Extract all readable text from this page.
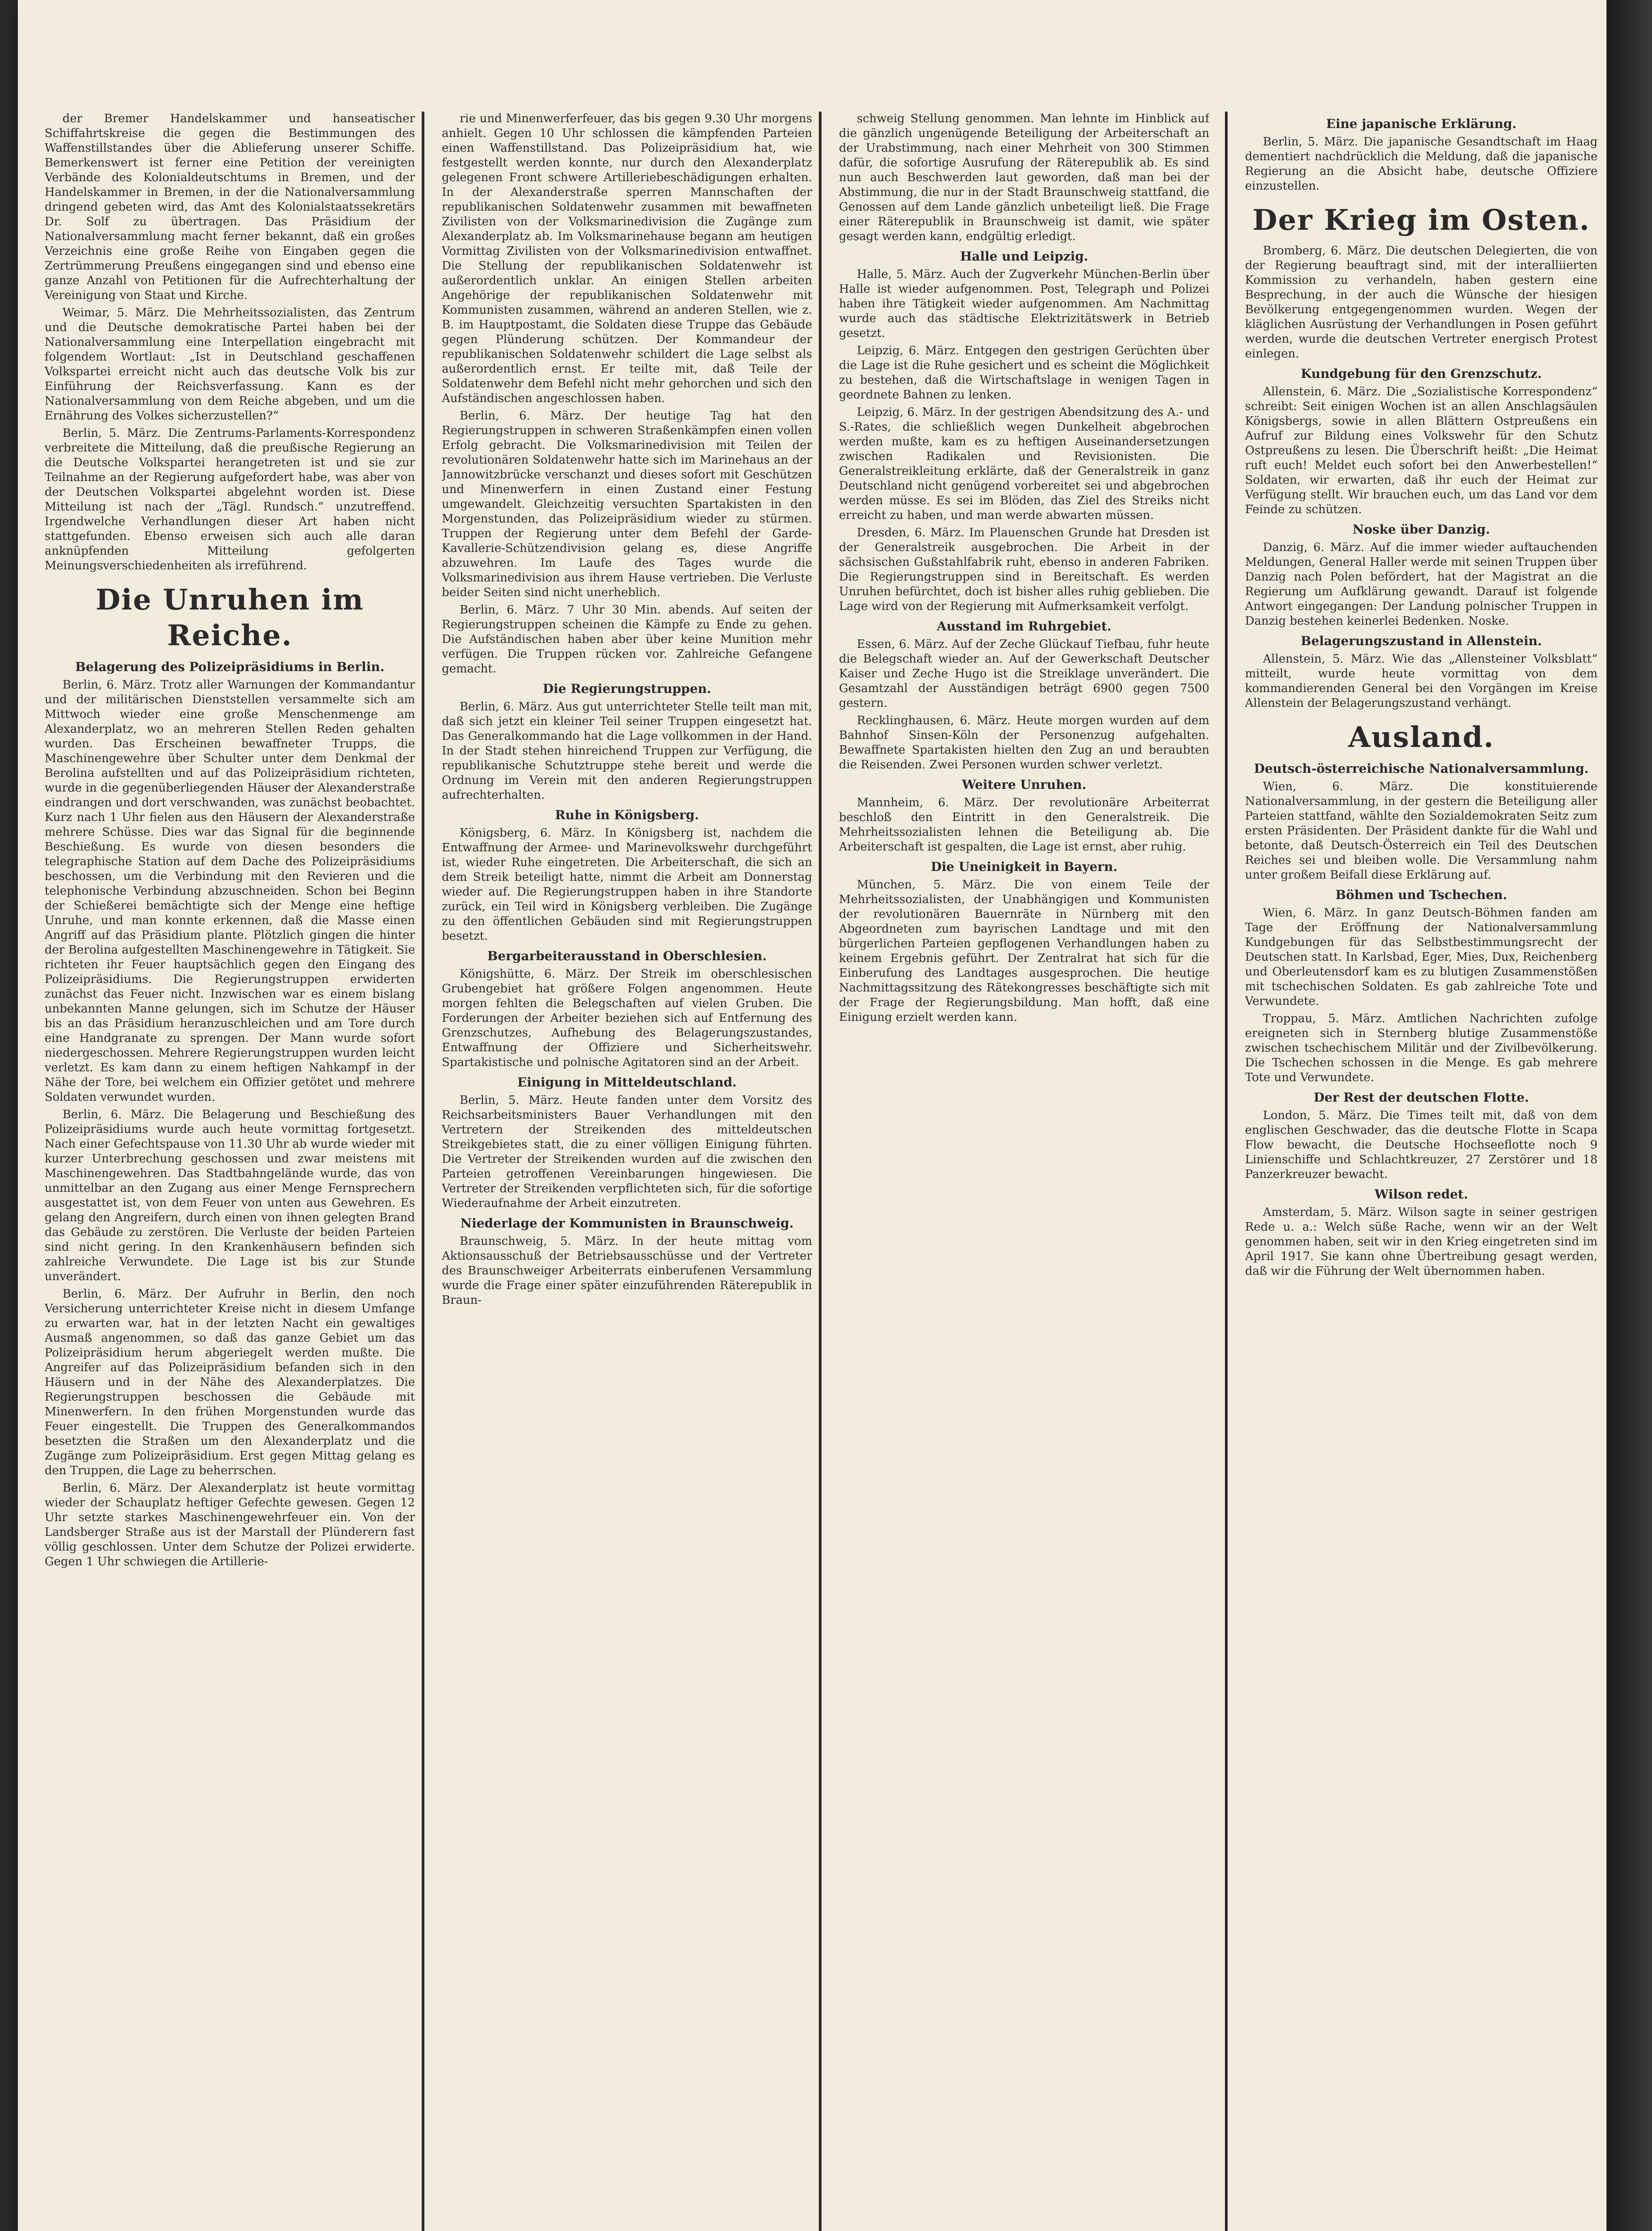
der Bremer Handelskammer und hanseatischer Schiffahrtskreise die gegen die Bestimmungen des Waffenstillstandes über die Ablieferung unserer Schiffe. Bemerkenswert ist ferner eine Petition der vereinigten Verbände des Kolonialdeutschtums in Bremen, und der Handelskammer in Bremen, in der die Nationalversammlung dringend gebeten wird, das Amt des Kolonialstaatssekretärs Dr. Solf zu übertragen. Das Präsidium der Nationalversammlung macht ferner bekannt, daß ein großes Verzeichnis eine große Reihe von Eingaben gegen die Zertrümmerung Preußens eingegangen sind und ebenso eine ganze Anzahl von Petitionen für die Aufrechterhaltung der Vereinigung von Staat und Kirche.

Weimar, 5. März. Die Mehrheitssozialisten, das Zentrum und die Deutsche demokratische Partei haben bei der Nationalversammlung eine Interpellation eingebracht mit folgendem Wortlaut: „Ist in Deutschland geschaffenen Volkspartei erreicht nicht auch das deutsche Volk bis zur Einführung der Reichsverfassung. Kann es der Nationalversammlung von dem Reiche abgeben, und um die Ernährung des Volkes sicherzustellen?“

Berlin, 5. März. Die Zentrums-Parlaments-Korrespondenz verbreitete die Mitteilung, daß die preußische Regierung an die Deutsche Volkspartei herangetreten ist und sie zur Teilnahme an der Regierung aufgefordert habe, was aber von der Deutschen Volkspartei abgelehnt worden ist. Diese Mitteilung ist nach der „Tägl. Rundsch.“ unzutreffend. Irgendwelche Verhandlungen dieser Art haben nicht stattgefunden. Ebenso erweisen sich auch alle daran anknüpfenden Mitteilung gefolgerten Meinungsverschiedenheiten als irreführend.

Die Unruhen im Reiche.
Belagerung des Polizeipräsidiums in Berlin.

Berlin, 6. März. Trotz aller Warnungen der Kommandantur und der militärischen Dienststellen versammelte sich am Mittwoch wieder eine große Menschenmenge am Alexanderplatz, wo an mehreren Stellen Reden gehalten wurden. Das Erscheinen bewaffneter Trupps, die Maschinengewehre über Schulter unter dem Denkmal der Berolina aufstellten und auf das Polizeipräsidium richteten, wurde in die gegenüberliegenden Häuser der Alexanderstraße eindrangen und dort verschwanden, was zunächst beobachtet. Kurz nach 1 Uhr fielen aus den Häusern der Alexanderstraße mehrere Schüsse. Dies war das Signal für die beginnende Beschießung. Es wurde von diesen besonders die telegraphische Station auf dem Dache des Polizeipräsidiums beschossen, um die Verbindung mit den Revieren und die telephonische Verbindung abzuschneiden. Schon bei Beginn der Schießerei bemächtigte sich der Menge eine heftige Unruhe, und man konnte erkennen, daß die Masse einen Angriff auf das Präsidium plante. Plötzlich gingen die hinter der Berolina aufgestellten Maschinengewehre in Tätigkeit. Sie richteten ihr Feuer hauptsächlich gegen den Eingang des Polizeipräsidiums. Die Regierungstruppen erwiderten zunächst das Feuer nicht. Inzwischen war es einem bislang unbekannten Manne gelungen, sich im Schutze der Häuser bis an das Präsidium heranzuschleichen und am Tore durch eine Handgranate zu sprengen. Der Mann wurde sofort niedergeschossen. Mehrere Regierungstruppen wurden leicht verletzt. Es kam dann zu einem heftigen Nahkampf in der Nähe der Tore, bei welchem ein Offizier getötet und mehrere Soldaten verwundet wurden.

Berlin, 6. März. Die Belagerung und Beschießung des Polizeipräsidiums wurde auch heute vormittag fortgesetzt. Nach einer Gefechtspause von 11.30 Uhr ab wurde wieder mit kurzer Unterbrechung geschossen und zwar meistens mit Maschinengewehren. Das Stadtbahngelände wurde, das von unmittelbar an den Zugang aus einer Menge Fernsprechern ausgestattet ist, von dem Feuer von unten aus Gewehren. Es gelang den Angreifern, durch einen von ihnen gelegten Brand das Gebäude zu zerstören. Die Verluste der beiden Parteien sind nicht gering. In den Krankenhäusern befinden sich zahlreiche Verwundete. Die Lage ist bis zur Stunde unverändert.

Berlin, 6. März. Der Aufruhr in Berlin, den noch Versicherung unterrichteter Kreise nicht in diesem Umfange zu erwarten war, hat in der letzten Nacht ein gewaltiges Ausmaß angenommen, so daß das ganze Gebiet um das Polizeipräsidium herum abgeriegelt werden mußte. Die Angreifer auf das Polizeipräsidium befanden sich in den Häusern und in der Nähe des Alexanderplatzes. Die Regierungstruppen beschossen die Gebäude mit Minenwerfern. In den frühen Morgenstunden wurde das Feuer eingestellt. Die Truppen des Generalkommandos besetzten die Straßen um den Alexanderplatz und die Zugänge zum Polizeipräsidium. Erst gegen Mittag gelang es den Truppen, die Lage zu beherrschen.

Berlin, 6. März. Der Alexanderplatz ist heute vormittag wieder der Schauplatz heftiger Gefechte gewesen. Gegen 12 Uhr setzte starkes Maschinengewehrfeuer ein. Von der Landsberger Straße aus ist der Marstall der Plünderern fast völlig geschlossen. Unter dem Schutze der Polizei erwiderte. Gegen 1 Uhr schwiegen die Artillerie-

rie und Minenwerferfeuer, das bis gegen 9.30 Uhr morgens anhielt. Gegen 10 Uhr schlossen die kämpfenden Parteien einen Waffenstillstand. Das Polizeipräsidium hat, wie festgestellt werden konnte, nur durch den Alexanderplatz gelegenen Front schwere Artilleriebeschädigungen erhalten. In der Alexanderstraße sperren Mannschaften der republikanischen Soldatenwehr zusammen mit bewaffneten Zivilisten von der Volksmarinedivision die Zugänge zum Alexanderplatz ab. Im Volksmarinehause begann am heutigen Vormittag Zivilisten von der Volksmarinedivision entwaffnet. Die Stellung der republikanischen Soldatenwehr ist außerordentlich unklar. An einigen Stellen arbeiten Angehörige der republikanischen Soldatenwehr mit Kommunisten zusammen, während an anderen Stellen, wie z. B. im Hauptpostamt, die Soldaten diese Truppe das Gebäude gegen Plünderung schützen. Der Kommandeur der republikanischen Soldatenwehr schildert die Lage selbst als außerordentlich ernst. Er teilte mit, daß Teile der Soldatenwehr dem Befehl nicht mehr gehorchen und sich den Aufständischen angeschlossen haben.

Berlin, 6. März. Der heutige Tag hat den Regierungstruppen in schweren Straßenkämpfen einen vollen Erfolg gebracht. Die Volksmarinedivision mit Teilen der revolutionären Soldatenwehr hatte sich im Marinehaus an der Jannowitzbrücke verschanzt und dieses sofort mit Geschützen und Minenwerfern in einen Zustand einer Festung umgewandelt. Gleichzeitig versuchten Spartakisten in den Morgenstunden, das Polizeipräsidium wieder zu stürmen. Truppen der Regierung unter dem Befehl der Garde-Kavallerie-Schützendivision gelang es, diese Angriffe abzuwehren. Im Laufe des Tages wurde die Volksmarinedivision aus ihrem Hause vertrieben. Die Verluste beider Seiten sind nicht unerheblich.

Berlin, 6. März. 7 Uhr 30 Min. abends. Auf seiten der Regierungstruppen scheinen die Kämpfe zu Ende zu gehen. Die Aufständischen haben aber über keine Munition mehr verfügen. Die Truppen rücken vor. Zahlreiche Gefangene gemacht.

Die Regierungstruppen.

Berlin, 6. März. Aus gut unterrichteter Stelle teilt man mit, daß sich jetzt ein kleiner Teil seiner Truppen eingesetzt hat. Das Generalkommando hat die Lage vollkommen in der Hand. In der Stadt stehen hinreichend Truppen zur Verfügung, die republikanische Schutztruppe stehe bereit und werde die Ordnung im Verein mit den anderen Regierungstruppen aufrechterhalten.

Ruhe in Königsberg.

Königsberg, 6. März. In Königsberg ist, nachdem die Entwaffnung der Armee- und Marinevolkswehr durchgeführt ist, wieder Ruhe eingetreten. Die Arbeiterschaft, die sich an dem Streik beteiligt hatte, nimmt die Arbeit am Donnerstag wieder auf. Die Regierungstruppen haben in ihre Standorte zurück, ein Teil wird in Königsberg verbleiben. Die Zugänge zu den öffentlichen Gebäuden sind mit Regierungstruppen besetzt.

Bergarbeiterausstand in Oberschlesien.

Königshütte, 6. März. Der Streik im oberschlesischen Grubengebiet hat größere Folgen angenommen. Heute morgen fehlten die Belegschaften auf vielen Gruben. Die Forderungen der Arbeiter beziehen sich auf Entfernung des Grenzschutzes, Aufhebung des Belagerungszustandes, Entwaffnung der Offiziere und Sicherheitswehr. Spartakistische und polnische Agitatoren sind an der Arbeit.

Einigung in Mitteldeutschland.

Berlin, 5. März. Heute fanden unter dem Vorsitz des Reichsarbeitsministers Bauer Verhandlungen mit den Vertretern der Streikenden des mitteldeutschen Streikgebietes statt, die zu einer völligen Einigung führten. Die Vertreter der Streikenden wurden auf die zwischen den Parteien getroffenen Vereinbarungen hingewiesen. Die Vertreter der Streikenden verpflichteten sich, für die sofortige Wiederaufnahme der Arbeit einzutreten.

Niederlage der Kommunisten in Braunschweig.

Braunschweig, 5. März. In der heute mittag vom Aktionsausschuß der Betriebsausschüsse und der Vertreter des Braunschweiger Arbeiterrats einberufenen Versammlung wurde die Frage einer später einzuführenden Räterepublik in Braun-

schweig Stellung genommen. Man lehnte im Hinblick auf die gänzlich ungenügende Beteiligung der Arbeiterschaft an der Urabstimmung, nach einer Mehrheit von 300 Stimmen dafür, die sofortige Ausrufung der Räterepublik ab. Es sind nun auch Beschwerden laut geworden, daß man bei der Abstimmung, die nur in der Stadt Braunschweig stattfand, die Genossen auf dem Lande gänzlich unbeteiligt ließ. Die Frage einer Räterepublik in Braunschweig ist damit, wie später gesagt werden kann, endgültig erledigt.

Halle und Leipzig.

Halle, 5. März. Auch der Zugverkehr München-Berlin über Halle ist wieder aufgenommen. Post, Telegraph und Polizei haben ihre Tätigkeit wieder aufgenommen. Am Nachmittag wurde auch das städtische Elektrizitätswerk in Betrieb gesetzt.

Leipzig, 6. März. Entgegen den gestrigen Gerüchten über die Lage ist die Ruhe gesichert und es scheint die Möglichkeit zu bestehen, daß die Wirtschaftslage in wenigen Tagen in geordnete Bahnen zu lenken.

Leipzig, 6. März. In der gestrigen Abendsitzung des A.- und S.-Rates, die schließlich wegen Dunkelheit abgebrochen werden mußte, kam es zu heftigen Auseinandersetzungen zwischen Radikalen und Revisionisten. Die Generalstreikleitung erklärte, daß der Generalstreik in ganz Deutschland nicht genügend vorbereitet sei und abgebrochen werden müsse. Es sei im Blöden, das Ziel des Streiks nicht erreicht zu haben, und man werde abwarten müssen.

Dresden, 6. März. Im Plauenschen Grunde hat Dresden ist der Generalstreik ausgebrochen. Die Arbeit in der sächsischen Gußstahlfabrik ruht, ebenso in anderen Fabriken. Die Regierungstruppen sind in Bereitschaft. Es werden Unruhen befürchtet, doch ist bisher alles ruhig geblieben. Die Lage wird von der Regierung mit Aufmerksamkeit verfolgt.

Ausstand im Ruhrgebiet.

Essen, 6. März. Auf der Zeche Glückauf Tiefbau, fuhr heute die Belegschaft wieder an. Auf der Gewerkschaft Deutscher Kaiser und Zeche Hugo ist die Streiklage unverändert. Die Gesamtzahl der Ausständigen beträgt 6900 gegen 7500 gestern.

Recklinghausen, 6. März. Heute morgen wurden auf dem Bahnhof Sinsen-Köln der Personenzug aufgehalten. Bewaffnete Spartakisten hielten den Zug an und beraubten die Reisenden. Zwei Personen wurden schwer verletzt.

Weitere Unruhen.

Mannheim, 6. März. Der revolutionäre Arbeiterrat beschloß den Eintritt in den Generalstreik. Die Mehrheitssozialisten lehnen die Beteiligung ab. Die Arbeiterschaft ist gespalten, die Lage ist ernst, aber ruhig.

Die Uneinigkeit in Bayern.

München, 5. März. Die von einem Teile der Mehrheitssozialisten, der Unabhängigen und Kommunisten der revolutionären Bauernräte in Nürnberg mit den Abgeordneten zum bayrischen Landtage und mit den bürgerlichen Parteien gepflogenen Verhandlungen haben zu keinem Ergebnis geführt. Der Zentralrat hat sich für die Einberufung des Landtages ausgesprochen. Die heutige Nachmittagssitzung des Rätekongresses beschäftigte sich mit der Frage der Regierungsbildung. Man hofft, daß eine Einigung erzielt werden kann.

Eine japanische Erklärung.

Berlin, 5. März. Die japanische Gesandtschaft im Haag dementiert nachdrücklich die Meldung, daß die japanische Regierung an die Absicht habe, deutsche Offiziere einzustellen.

Der Krieg im Osten.

Bromberg, 6. März. Die deutschen Delegierten, die von der Regierung beauftragt sind, mit der interalliierten Kommission zu verhandeln, haben gestern eine Besprechung, in der auch die Wünsche der hiesigen Bevölkerung entgegengenommen wurden. Wegen der kläglichen Ausrüstung der Verhandlungen in Posen geführt werden, wurde die deutschen Vertreter energisch Protest einlegen.

Kundgebung für den Grenzschutz.

Allenstein, 6. März. Die „Sozialistische Korrespondenz“ schreibt: Seit einigen Wochen ist an allen Anschlagsäulen Königsbergs, sowie in allen Blättern Ostpreußens ein Aufruf zur Bildung eines Volkswehr für den Schutz Ostpreußens zu lesen. Die Überschrift heißt: „Die Heimat ruft euch! Meldet euch sofort bei den Anwerbestellen!“ Soldaten, wir erwarten, daß ihr euch der Heimat zur Verfügung stellt. Wir brauchen euch, um das Land vor dem Feinde zu schützen.

Noske über Danzig.

Danzig, 6. März. Auf die immer wieder auftauchenden Meldungen, General Haller werde mit seinen Truppen über Danzig nach Polen befördert, hat der Magistrat an die Regierung um Aufklärung gewandt. Darauf ist folgende Antwort eingegangen: Der Landung polnischer Truppen in Danzig bestehen keinerlei Bedenken. Noske.

Belagerungszustand in Allenstein.

Allenstein, 5. März. Wie das „Allensteiner Volksblatt“ mitteilt, wurde heute vormittag von dem kommandierenden General bei den Vorgängen im Kreise Allenstein der Belagerungszustand verhängt.

Ausland.
Deutsch-österreichische Nationalversammlung.

Wien, 6. März. Die konstituierende Nationalversammlung, in der gestern die Beteiligung aller Parteien stattfand, wählte den Sozialdemokraten Seitz zum ersten Präsidenten. Der Präsident dankte für die Wahl und betonte, daß Deutsch-Österreich ein Teil des Deutschen Reiches sei und bleiben wolle. Die Versammlung nahm unter großem Beifall diese Erklärung auf.

Böhmen und Tschechen.

Wien, 6. März. In ganz Deutsch-Böhmen fanden am Tage der Eröffnung der Nationalversammlung Kundgebungen für das Selbstbestimmungsrecht der Deutschen statt. In Karlsbad, Eger, Mies, Dux, Reichenberg und Oberleutensdorf kam es zu blutigen Zusammenstößen mit tschechischen Soldaten. Es gab zahlreiche Tote und Verwundete.

Troppau, 5. März. Amtlichen Nachrichten zufolge ereigneten sich in Sternberg blutige Zusammenstöße zwischen tschechischem Militär und der Zivilbevölkerung. Die Tschechen schossen in die Menge. Es gab mehrere Tote und Verwundete.

Der Rest der deutschen Flotte.

London, 5. März. Die Times teilt mit, daß von dem englischen Geschwader, das die deutsche Flotte in Scapa Flow bewacht, die Deutsche Hochseeflotte noch 9 Linienschiffe und Schlachtkreuzer, 27 Zerstörer und 18 Panzerkreuzer bewacht.

Wilson redet.

Amsterdam, 5. März. Wilson sagte in seiner gestrigen Rede u. a.: Welch süße Rache, wenn wir an der Welt genommen haben, seit wir in den Krieg eingetreten sind im April 1917. Sie kann ohne Übertreibung gesagt werden, daß wir die Führung der Welt übernommen haben.
